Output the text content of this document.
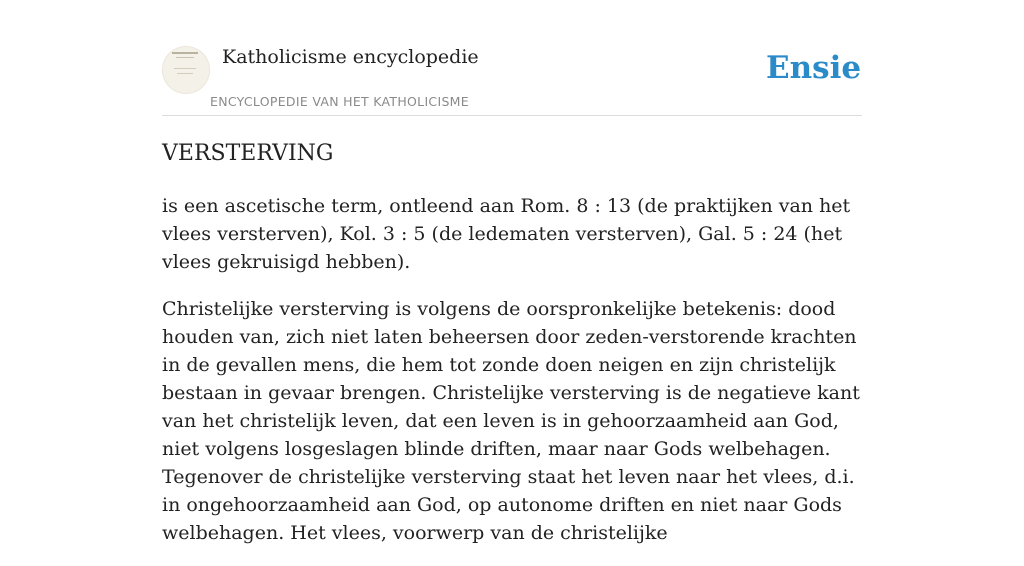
Katholicisme encyclopedie
ENCYCLOPEDIE VAN HET KATHOLICISME
Ensie
VERSTERVING

is een ascetische term, ontleend aan Rom. 8 : 13 (de praktijken van het vlees versterven), Kol. 3 : 5 (de ledematen versterven), Gal. 5 : 24 (het vlees gekruisigd hebben).

Christelijke versterving is volgens de oorspronkelijke betekenis: dood houden van, zich niet laten beheersen door zeden-verstorende krachten in de gevallen mens, die hem tot zonde doen neigen en zijn christelijk bestaan in gevaar brengen. Christelijke versterving is de negatieve kant van het christelijk leven, dat een leven is in gehoorzaamheid aan God, niet volgens losgeslagen blinde driften, maar naar Gods welbehagen. Tegenover de christelijke versterving staat het leven naar het vlees, d.i. in ongehoorzaamheid aan God, op autonome driften en niet naar Gods welbehagen. Het vlees, voorwerp van de christelijke
